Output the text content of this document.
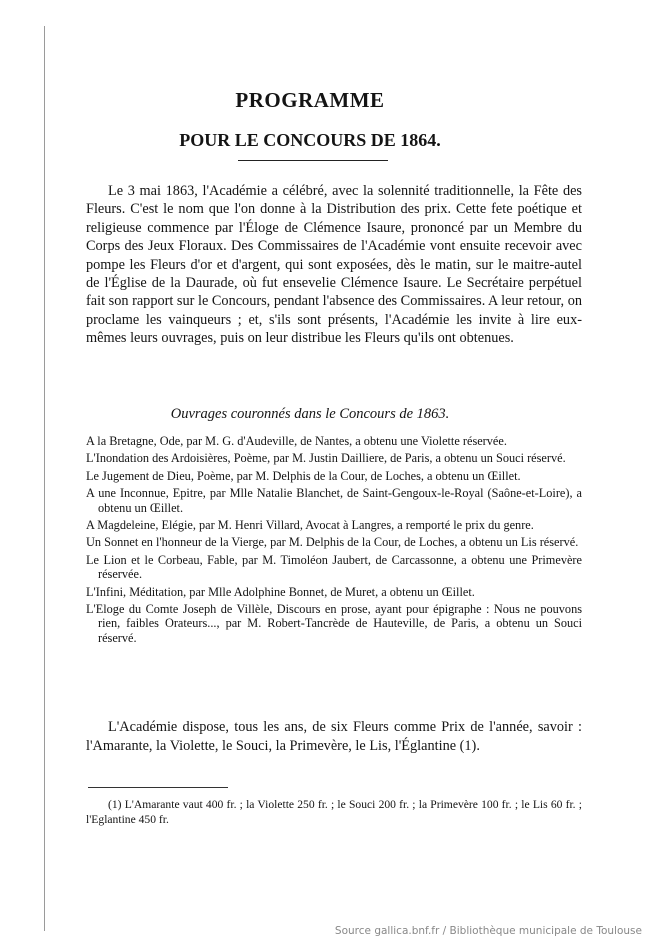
PROGRAMME
POUR LE CONCOURS DE 1864.

Le 3 mai 1863, l'Académie a célébré, avec la solennité traditionnelle, la Fête des Fleurs. C'est le nom que l'on donne à la Distribution des prix. Cette fete poétique et religieuse commence par l'Éloge de Clémence Isaure, prononcé par un Membre du Corps des Jeux Floraux. Des Commissaires de l'Académie vont ensuite recevoir avec pompe les Fleurs d'or et d'argent, qui sont exposées, dès le matin, sur le maitre-autel de l'Église de la Daurade, où fut ensevelie Clémence Isaure. Le Secrétaire perpétuel fait son rapport sur le Concours, pendant l'absence des Commissaires. A leur retour, on proclame les vainqueurs ; et, s'ils sont présents, l'Académie les invite à lire eux-mêmes leurs ouvrages, puis on leur distribue les Fleurs qu'ils ont obtenues.

Ouvrages couronnés dans le Concours de 1863.
A la Bretagne, Ode, par M. G. d'Audeville, de Nantes, a obtenu une Violette réservée.
L'Inondation des Ardoisières, Poème, par M. Justin Dailliere, de Paris, a obtenu un Souci réservé.
Le Jugement de Dieu, Poème, par M. Delphis de la Cour, de Loches, a obtenu un Œillet.
A une Inconnue, Epitre, par Mlle Natalie Blanchet, de Saint-Gengoux-le-Royal (Saône-et-Loire), a obtenu un Œillet.
A Magdeleine, Elégie, par M. Henri Villard, Avocat à Langres, a remporté le prix du genre.
Un Sonnet en l'honneur de la Vierge, par M. Delphis de la Cour, de Loches, a obtenu un Lis réservé.
Le Lion et le Corbeau, Fable, par M. Timoléon Jaubert, de Carcassonne, a obtenu une Primevère réservée.
L'Infini, Méditation, par Mlle Adolphine Bonnet, de Muret, a obtenu un Œillet.
L'Eloge du Comte Joseph de Villèle, Discours en prose, ayant pour épigraphe : Nous ne pouvons rien, faibles Orateurs..., par M. Robert-Tancrède de Hauteville, de Paris, a obtenu un Souci réservé.

L'Académie dispose, tous les ans, de six Fleurs comme Prix de l'année, savoir : l'Amarante, la Violette, le Souci, la Primevère, le Lis, l'Églantine (1).

(1) L'Amarante vaut 400 fr. ; la Violette 250 fr. ; le Souci 200 fr. ; la Primevère 100 fr. ; le Lis 60 fr. ; l'Eglantine 450 fr.

Source gallica.bnf.fr / Bibliothèque municipale de Toulouse
